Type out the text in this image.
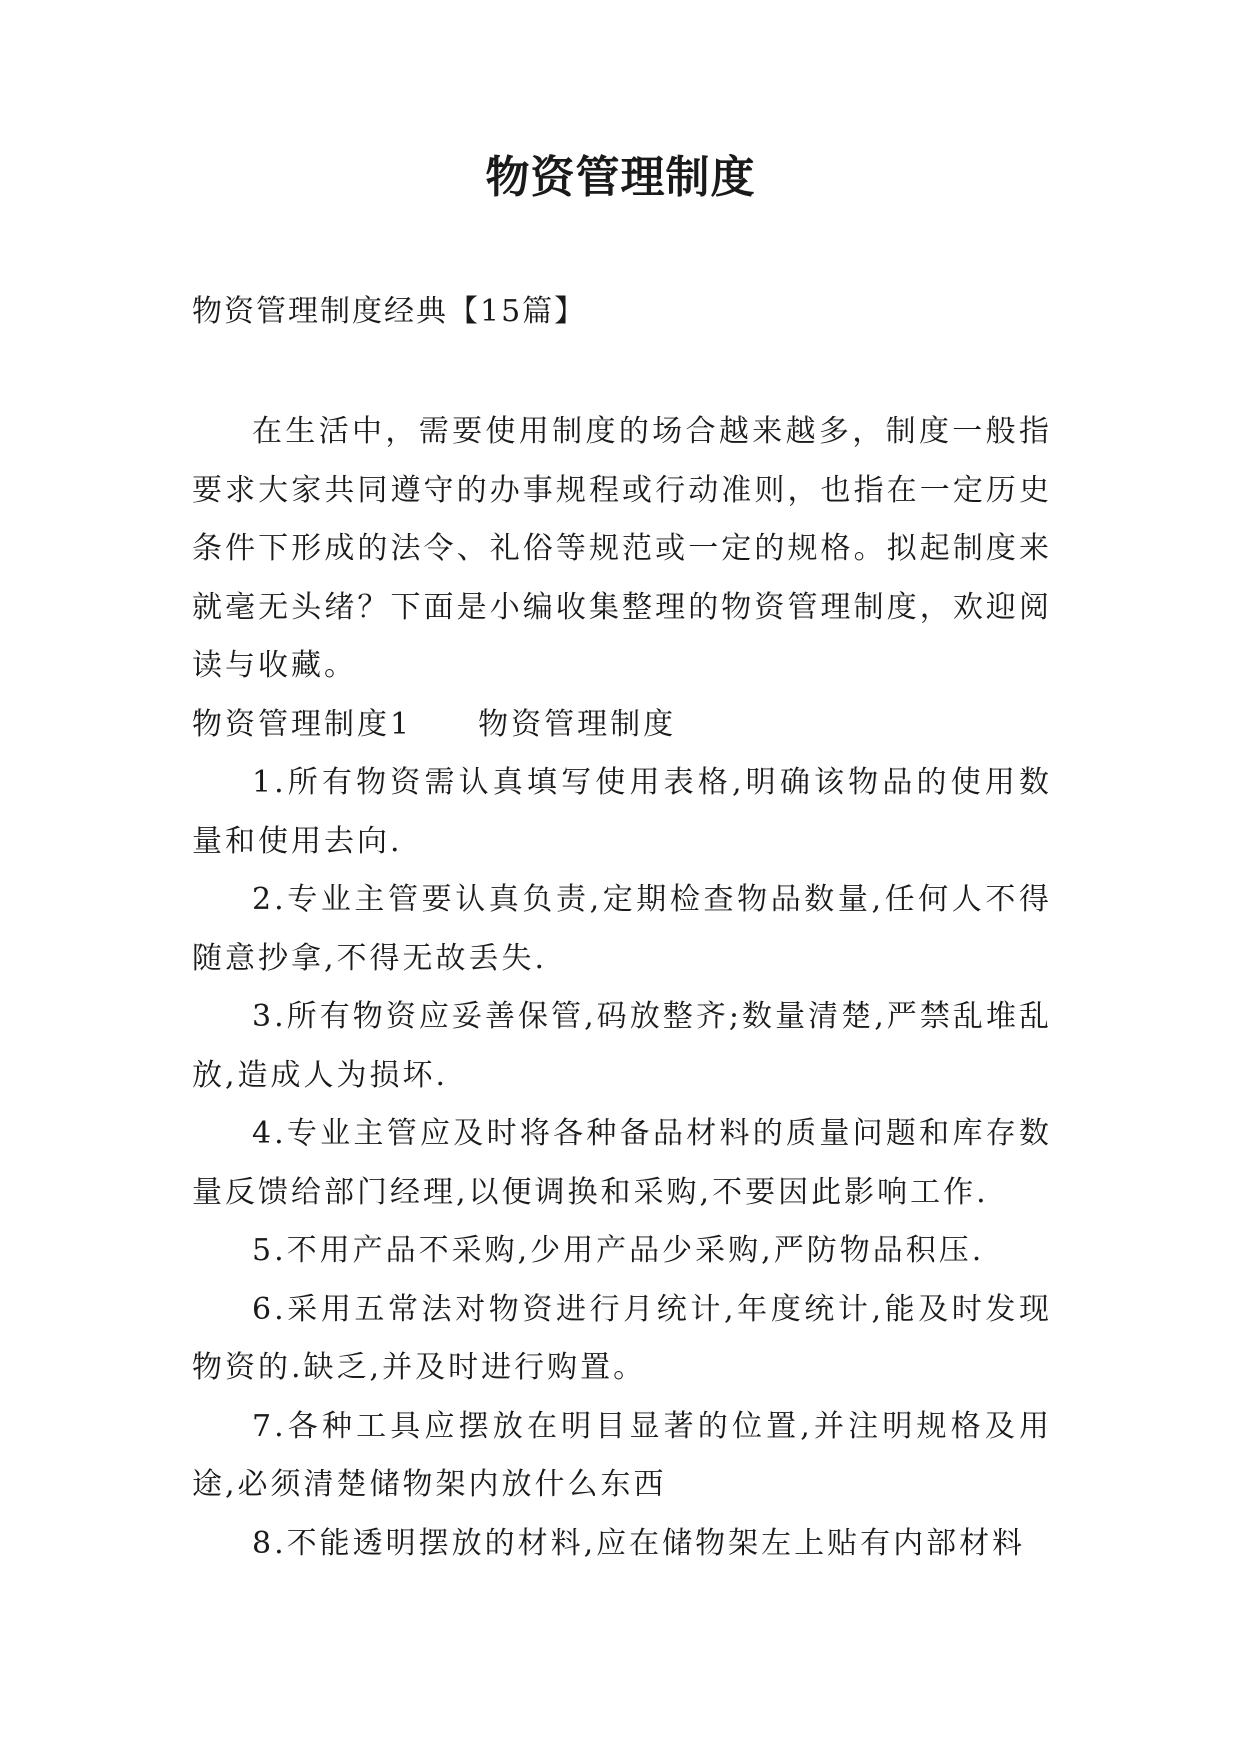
物资管理制度
物资管理制度经典【15篇】

在生活中，需要使用制度的场合越来越多，制度一般指要求大家共同遵守的办事规程或行动准则，也指在一定历史条件下形成的法令、礼俗等规范或一定的规格。拟起制度来就毫无头绪？下面是小编收集整理的物资管理制度，欢迎阅读与收藏。

物资管理制度1　　物资管理制度

1.所有物资需认真填写使用表格,明确该物品的使用数量和使用去向.

2.专业主管要认真负责,定期检查物品数量,任何人不得随意抄拿,不得无故丢失.

3.所有物资应妥善保管,码放整齐;数量清楚,严禁乱堆乱放,造成人为损坏.

4.专业主管应及时将各种备品材料的质量问题和库存数量反馈给部门经理,以便调换和采购,不要因此影响工作.

5.不用产品不采购,少用产品少采购,严防物品积压.

6.采用五常法对物资进行月统计,年度统计,能及时发现物资的.缺乏,并及时进行购置。

7.各种工具应摆放在明目显著的位置,并注明规格及用途,必须清楚储物架内放什么东西

8.不能透明摆放的材料,应在储物架左上贴有内部材料
